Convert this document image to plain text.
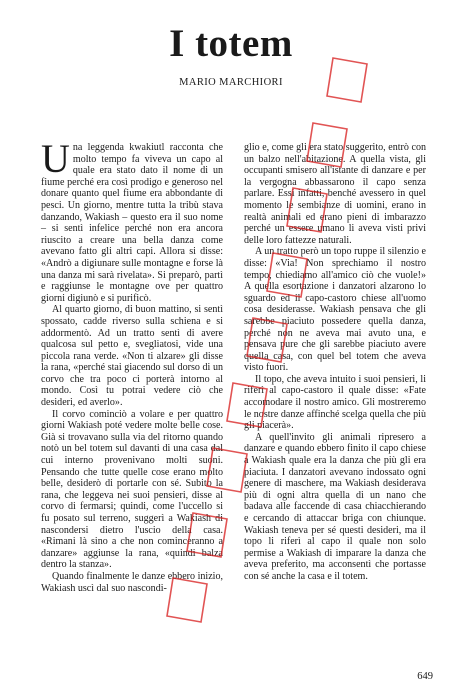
I totem
MARIO MARCHIORI

Una leggenda kwakiutl racconta che molto tempo fa viveva un capo al quale era stato dato il nome di un fiume perché era così prodigo e generoso nel donare quanto quel fiume era abbondante di pesci. Un giorno, mentre tutta la tribù stava danzando, Wakiash – questo era il suo nome – si sentì infelice perché non era ancora riuscito a creare una bella danza come avevano fatto gli altri capi. Allora si disse: «Andrò a digiunare sulle montagne e forse là una danza mi sarà rivelata». Si preparò, partì e raggiunse le montagne ove per quattro giorni digiunò e si purificò.

Al quarto giorno, di buon mattino, si sentì spossato, cadde riverso sulla schiena e si addormentò. Ad un tratto sentì di avere qualcosa sul petto e, svegliatosi, vide una piccola rana verde. «Non ti alzare» gli disse la rana, «perché stai giacendo sul dorso di un corvo che tra poco ci porterà intorno al mondo. Così tu potrai vedere ciò che desideri, ed averlo».

Il corvo cominciò a volare e per quattro giorni Wakiash poté vedere molte belle cose. Già si trovavano sulla via del ritorno quando notò un bel totem sul davanti di una casa dal cui interno provenivano molti suoni. Pensando che tutte quelle cose erano molto belle, desiderò di portarle con sé. Subito la rana, che leggeva nei suoi pensieri, disse al corvo di fermarsi; quindi, come l'uccello si fu posato sul terreno, suggerì a Wakiash di nascondersi dietro l'uscio della casa. «Rimani là sino a che non cominceranno a danzare» aggiunse la rana, «quindi balza dentro la stanza».

Quando finalmente le danze ebbero inizio, Wakiash uscì dal suo nascondi-

glio e, come gli era stato suggerito, entrò con un balzo nell'abitazione. A quella vista, gli occupanti smisero all'istante di danzare e per la vergogna abbassarono il capo senza parlare. Essi infatti, benché avessero in quel momento le sembianze di uomini, erano in realtà animali ed erano pieni di imbarazzo perché un essere umano li aveva visti privi delle loro fattezze naturali.

A un tratto però un topo ruppe il silenzio e disse: «Via! Non sprechiamo il nostro tempo, chiediamo all'amico ciò che vuole!» A quella esortazione i danzatori alzarono lo sguardo ed il capo-castoro chiese all'uomo cosa desiderasse. Wakiash pensava che gli sarebbe piaciuto possedere quella danza, perché non ne aveva mai avuto una, e pensava pure che gli sarebbe piaciuto avere quella casa, con quel bel totem che aveva visto fuori.

Il topo, che aveva intuito i suoi pensieri, li riferì al capo-castoro il quale disse: «Fate accomodare il nostro amico. Gli mostreremo le nostre danze affinché scelga quella che più gli piacerà».

A quell'invito gli animali ripresero a danzare e quando ebbero finito il capo chiese a Wakiash quale era la danza che più gli era piaciuta. I danzatori avevano indossato ogni genere di maschere, ma Wakiash desiderava più di ogni altra quella di un nano che badava alle faccende di casa chiacchierando e cercando di attaccar briga con chiunque. Wakiash teneva per sé questi desideri, ma il topo li riferì al capo il quale non solo permise a Wakiash di imparare la danza che aveva preferito, ma acconsentì che portasse con sé anche la casa e il totem.

649
